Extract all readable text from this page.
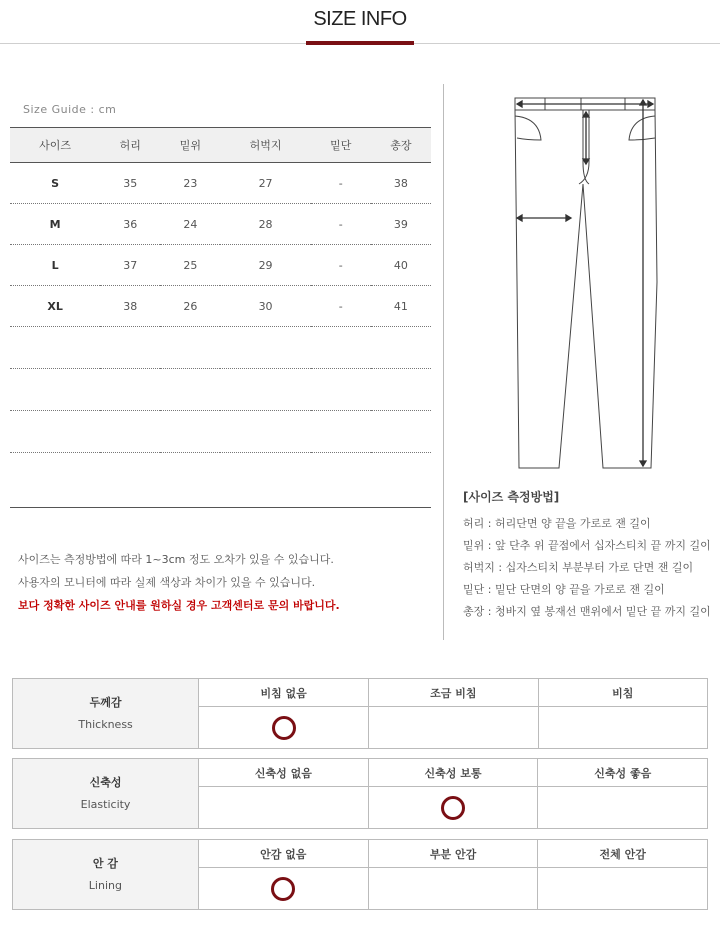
SIZE INFO
Size Guide : cm
사이즈	허리	밑위	허벅지	밑단	총장
S	35	23	27	-	38
M	36	24	28	-	39
L	37	25	29	-	40
XL	38	26	30	-	41

사이즈는 측정방법에 따라 1~3cm 정도 오차가 있을 수 있습니다.

사용자의 모니터에 따라 실제 색상과 차이가 있을 수 있습니다.

보다 정확한 사이즈 안내를 원하실 경우 고객센터로 문의 바랍니다.

[사이즈 측정방법]

허리 : 허리단면 양 끝을 가로로 잰 길이

밑위 : 앞 단추 위 끝점에서 십자스티치 끝 까지 길이

허벅지 : 십자스티치 부분부터 가로 단면 잰 길이

밑단 : 밑단 단면의 양 끝을 가로로 잰 길이

총장 : 청바지 옆 봉재선 맨위에서 밑단 끝 까지 길이

두께감
Thickness	비침 없음	조금 비침	비침

신축성
Elasticity	신축성 없음	신축성 보통	신축성 좋음

안 감
Lining	안감 없음	부분 안감	전체 안감
